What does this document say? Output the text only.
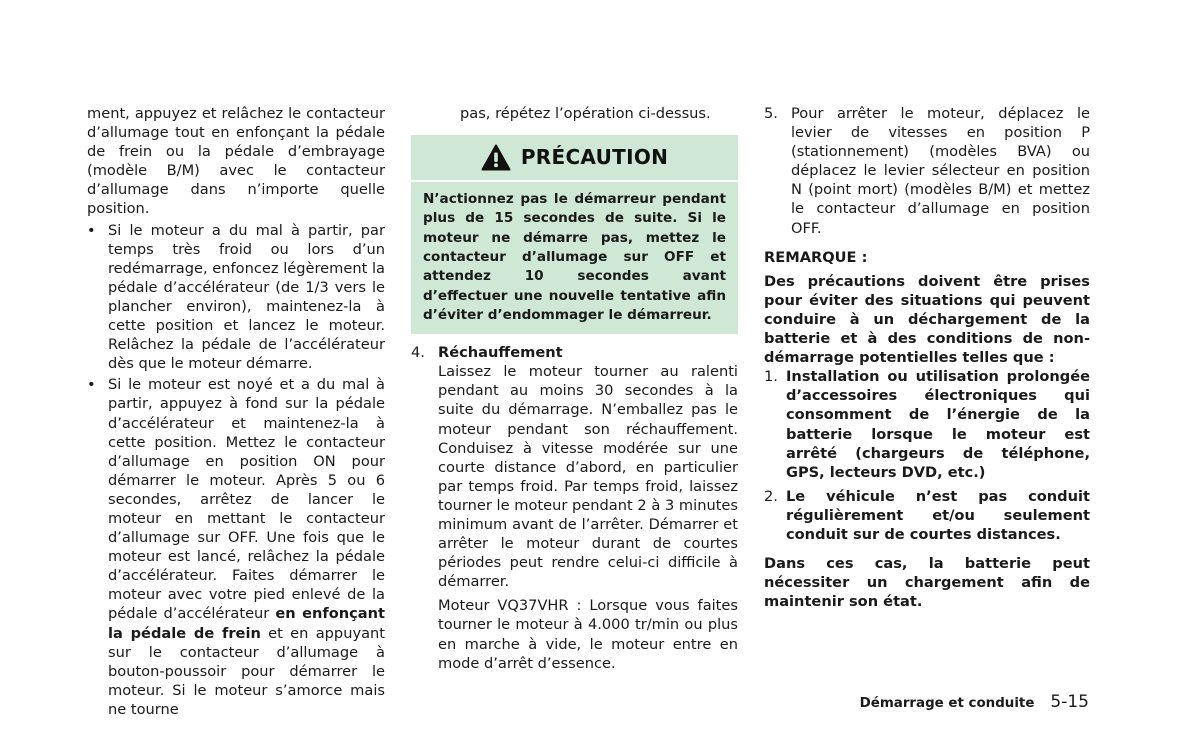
ment, appuyez et relâchez le contacteur d’allumage tout en enfonçant la pédale de frein ou la pédale d’embrayage (modèle B/M) avec le contacteur d’allumage dans n’importe quelle position.

• Si le moteur a du mal à partir, par temps très froid ou lors d’un redémarrage, enfoncez légèrement la pédale d’accélérateur (de 1/3 vers le plancher environ), maintenez-la à cette position et lancez le moteur. Relâchez la pédale de l’accélérateur dès que le moteur démarre.
• Si le moteur est noyé et a du mal à partir, appuyez à fond sur la pédale d’accélérateur et maintenez-la à cette position. Mettez le contacteur d’allumage en position ON pour démarrer le moteur. Après 5 ou 6 secondes, arrêtez de lancer le moteur en mettant le contacteur d’allumage sur OFF. Une fois que le moteur est lancé, relâchez la pédale d’accélérateur. Faites démarrer le moteur avec votre pied enlevé de la pédale d’accélérateur en enfonçant la pédale de frein et en appuyant sur le contacteur d’allumage à bouton-poussoir pour démarrer le moteur. Si le moteur s’amorce mais ne tourne

pas, répétez l’opération ci-dessus.

PRÉCAUTION
N’actionnez pas le démarreur pendant plus de 15 secondes de suite. Si le moteur ne démarre pas, mettez le contacteur d’allumage sur OFF et attendez 10 secondes avant d’effectuer une nouvelle tentative afin d’éviter d’endommager le démarreur.
4. Réchauffement

Laissez le moteur tourner au ralenti pendant au moins 30 secondes à la suite du démarrage. N’emballez pas le moteur pendant son réchauffement. Conduisez à vitesse modérée sur une courte distance d’abord, en particulier par temps froid. Par temps froid, laissez tourner le moteur pendant 2 à 3 minutes minimum avant de l’arrêter. Démarrer et arrêter le moteur durant de courtes périodes peut rendre celui-ci difficile à démarrer.

Moteur VQ37VHR : Lorsque vous faites tourner le moteur à 4.000 tr/min ou plus en marche à vide, le moteur entre en mode d’arrêt d’essence.

5. Pour arrêter le moteur, déplacez le levier de vitesses en position P (stationnement) (modèles BVA) ou déplacez le levier sélecteur en position N (point mort) (modèles B/M) et mettez le contacteur d’allumage en position OFF.

REMARQUE :

Des précautions doivent être prises pour éviter des situations qui peuvent conduire à un déchargement de la batterie et à des conditions de non-démarrage potentielles telles que :

1. Installation ou utilisation prolongée d’accessoires électroniques qui consomment de l’énergie de la batterie lorsque le moteur est arrêté (chargeurs de téléphone, GPS, lecteurs DVD, etc.)
2. Le véhicule n’est pas conduit régulièrement et/ou seulement conduit sur de courtes distances.

Dans ces cas, la batterie peut nécessiter un chargement afin de maintenir son état.

Démarrage et conduite 5-15
